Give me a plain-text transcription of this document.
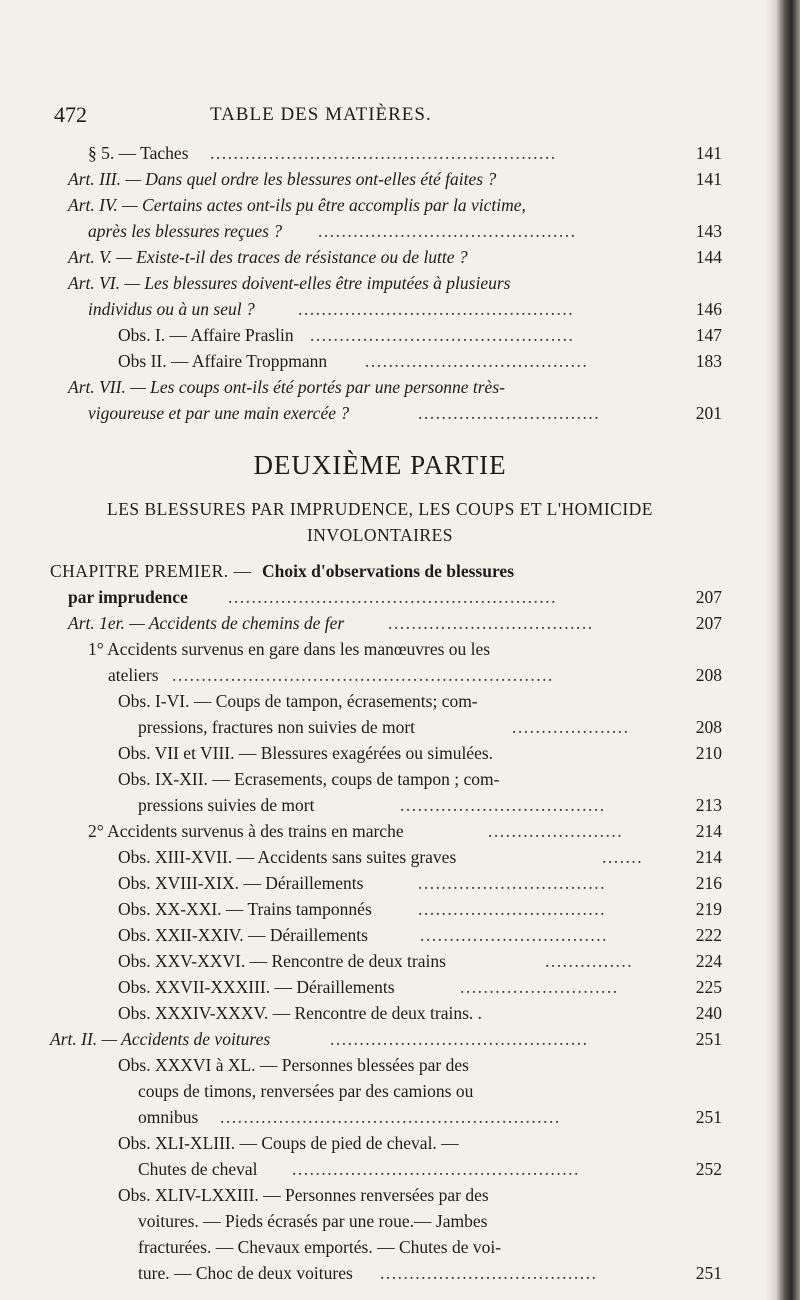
472	TABLE DES MATIÈRES.
§ 5. — Taches ...........................................................	141
Art. III. — Dans quel ordre les blessures ont-elles été faites ?	141
Art. IV. — Certains actes ont-ils pu être accomplis par la victime,
après les blessures reçues ? ............................................	143
Art. V. — Existe-t-il des traces de résistance ou de lutte ?	144
Art. VI. — Les blessures doivent-elles être imputées à plusieurs
individus ou à un seul ? ...............................................	146
Obs. I. — Affaire Praslin .............................................	147
Obs II. — Affaire Troppmann ......................................	183
Art. VII. — Les coups ont-ils été portés par une personne très-
vigoureuse et par une main exercée ?	...............................	201
DEUXIÈME PARTIE
LES BLESSURES PAR IMPRUDENCE, LES COUPS ET L'HOMICIDE
INVOLONTAIRES
CHAPITRE PREMIER. — Choix d'observations de blessures
par imprudence ........................................................	207
Art. 1er. — Accidents de chemins de fer	...................................	207
1° Accidents survenus en gare dans les manœuvres ou les
ateliers .................................................................	208
Obs. I-VI. — Coups de tampon, écrasements; com-
pressions, fractures non suivies de mort	....................	208
Obs. VII et VIII. — Blessures exagérées ou simulées.	210
Obs. IX-XII. — Ecrasements, coups de tampon ; com-
pressions suivies de mort	...................................	213
2° Accidents survenus à des trains en marche	.......................	214
Obs. XIII-XVII. — Accidents sans suites graves	.......	214
Obs. XVIII-XIX. — Déraillements	................................	216
Obs. XX-XXI. — Trains tamponnés	................................	219
Obs. XXII-XXIV. — Déraillements	................................	222
Obs. XXV-XXVI. — Rencontre de deux trains	...............	224
Obs. XXVII-XXXIII. — Déraillements	...........................	225
Obs. XXXIV-XXXV. — Rencontre de deux trains. .	240
Art. II. — Accidents de voitures	............................................	251
Obs. XXXVI à XL. — Personnes blessées par des
coups de timons, renversées par des camions ou
omnibus ..........................................................	251
Obs. XLI-XLIII. — Coups de pied de cheval. —
Chutes de cheval .................................................	252
Obs. XLIV-LXXIII. — Personnes renversées par des
voitures. — Pieds écrasés par une roue.— Jambes
fracturées. — Chevaux emportés. — Chutes de voi-
ture. — Choc de deux voitures .....................................	251
